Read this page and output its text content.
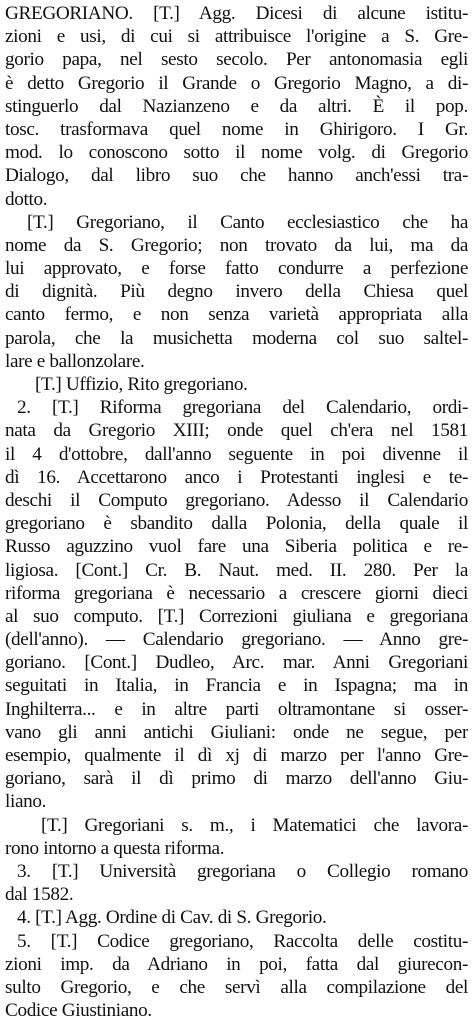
GREGORIANO. [T.] Agg. Dicesi di alcune istitu-
zioni e usi, di cui si attribuisce l'origine a S. Gre-
gorio papa, nel sesto secolo. Per antonomasia egli
è detto Gregorio il Grande o Gregorio Magno, a di-
stinguerlo dal Nazianzeno e da altri. È il pop.
tosc. trasformava quel nome in Ghirigoro. I Gr.
mod. lo conoscono sotto il nome volg. di Gregorio
Dialogo, dal libro suo che hanno anch'essi tra-
dotto.
[T.] Gregoriano, il Canto ecclesiastico che ha
nome da S. Gregorio; non trovato da lui, ma da
lui approvato, e forse fatto condurre a perfezione
di dignità. Più degno invero della Chiesa quel
canto fermo, e non senza varietà appropriata alla
parola, che la musichetta moderna col suo saltel-
lare e ballonzolare.
[T.] Uffizio, Rito gregoriano.
2. [T.] Riforma gregoriana del Calendario, ordi-
nata da Gregorio XIII; onde quel ch'era nel 1581
il 4 d'ottobre, dall'anno seguente in poi divenne il
dì 16. Accettarono anco i Protestanti inglesi e te-
deschi il Computo gregoriano. Adesso il Calendario
gregoriano è sbandito dalla Polonia, della quale il
Russo aguzzino vuol fare una Siberia politica e re-
ligiosa. [Cont.] Cr. B. Naut. med. II. 280. Per la
riforma gregoriana è necessario a crescere giorni dieci
al suo computo. [T.] Correzioni giuliana e gregoriana
(dell'anno). — Calendario gregoriano. — Anno gre-
goriano. [Cont.] Dudleo, Arc. mar. Anni Gregoriani
seguitati in Italia, in Francia e in Ispagna; ma in
Inghilterra... e in altre parti oltramontane si osser-
vano gli anni antichi Giuliani: onde ne segue, per
esempio, qualmente il dì xj di marzo per l'anno Gre-
goriano, sarà il dì primo di marzo dell'anno Giu-
liano.
[T.] Gregoriani s. m., i Matematici che lavora-
rono intorno a questa riforma.
3. [T.] Università gregoriana o Collegio romano
dal 1582.
4. [T.] Agg. Ordine di Cav. di S. Gregorio.
5. [T.] Codice gregoriano, Raccolta delle costitu-
zioni imp. da Adriano in poi, fatta dal giurecon-
sulto Gregorio, e che servì alla compilazione del
Codice Giustiniano.
